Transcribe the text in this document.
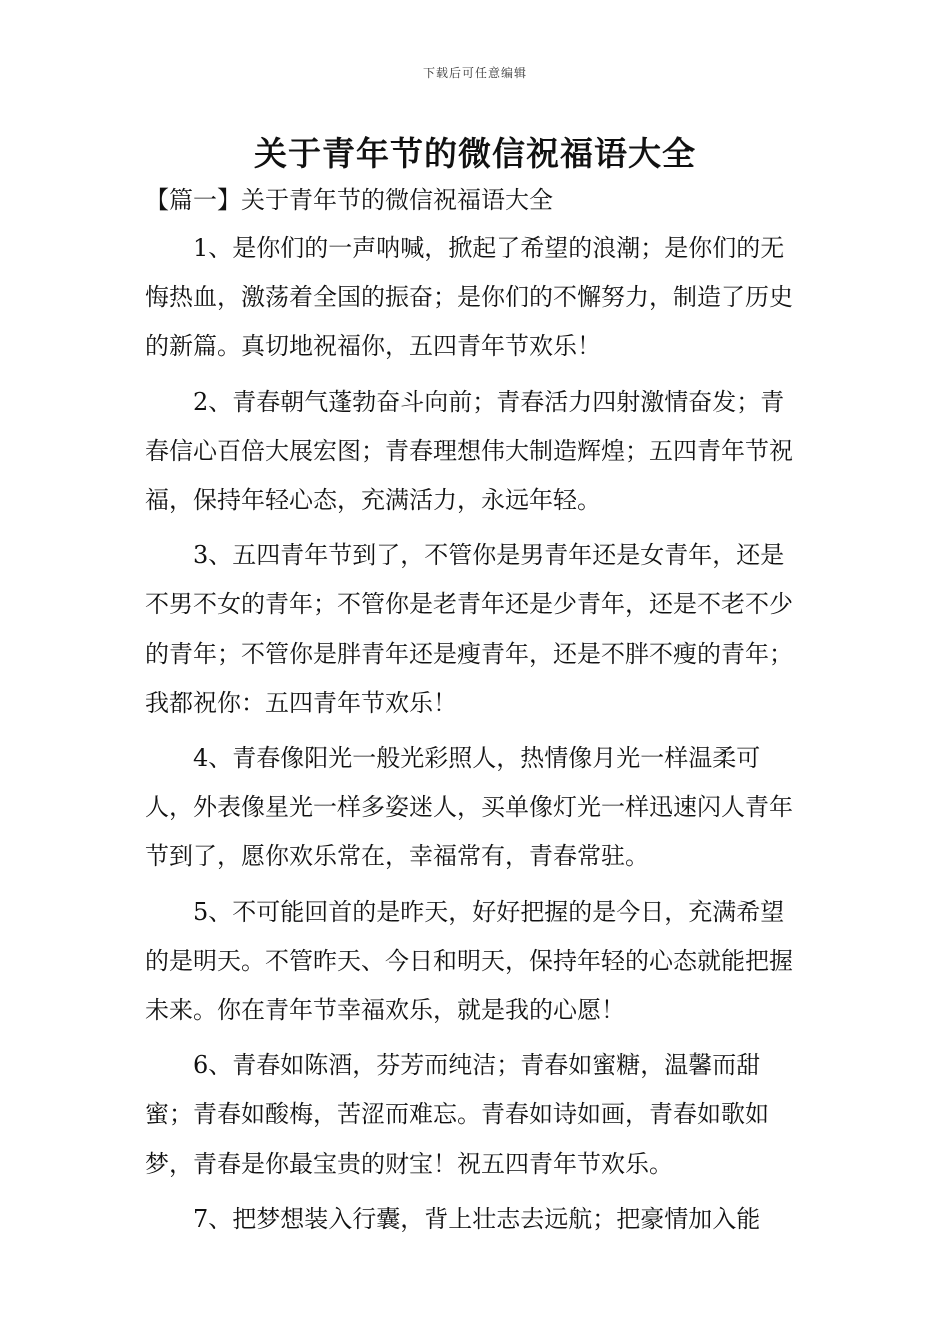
下载后可任意编辑
关于青年节的微信祝福语大全
【篇一】关于青年节的微信祝福语大全

1、是你们的一声呐喊，掀起了希望的浪潮；是你们的无悔热血，激荡着全国的振奋；是你们的不懈努力，制造了历史的新篇。真切地祝福你，五四青年节欢乐！

2、青春朝气蓬勃奋斗向前；青春活力四射激情奋发；青春信心百倍大展宏图；青春理想伟大制造辉煌；五四青年节祝福，保持年轻心态，充满活力，永远年轻。

3、五四青年节到了，不管你是男青年还是女青年，还是不男不女的青年；不管你是老青年还是少青年，还是不老不少的青年；不管你是胖青年还是瘦青年，还是不胖不瘦的青年；我都祝你：五四青年节欢乐！

4、青春像阳光一般光彩照人，热情像月光一样温柔可人，外表像星光一样多姿迷人，买单像灯光一样迅速闪人青年节到了，愿你欢乐常在，幸福常有，青春常驻。

5、不可能回首的是昨天，好好把握的是今日，充满希望的是明天。不管昨天、今日和明天，保持年轻的心态就能把握未来。你在青年节幸福欢乐，就是我的心愿！

6、青春如陈酒，芬芳而纯洁；青春如蜜糖，温馨而甜蜜；青春如酸梅，苦涩而难忘。青春如诗如画，青春如歌如梦，青春是你最宝贵的财宝！祝五四青年节欢乐。

7、把梦想装入行囊，背上壮志去远航；把豪情加入能
